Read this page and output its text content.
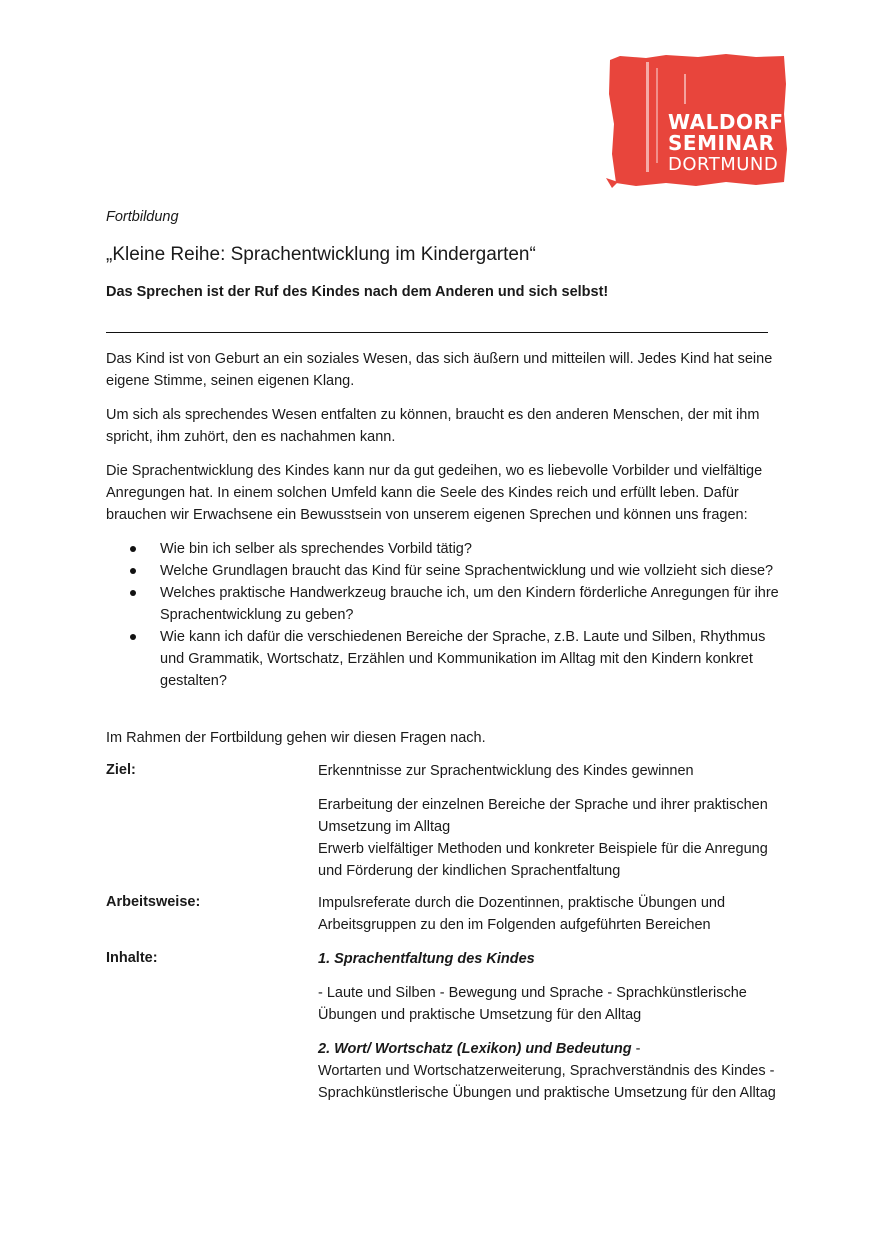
WALDORF
SEMINAR
DORTMUND
Fortbildung
„Kleine Reihe: Sprachentwicklung im Kindergarten“
Das Sprechen ist der Ruf des Kindes nach dem Anderen und sich selbst!
Das Kind ist von Geburt an ein soziales Wesen, das sich äußern und mitteilen will. Jedes Kind hat seine eigene Stimme, seinen eigenen Klang.
Um sich als sprechendes Wesen entfalten zu können, braucht es den anderen Menschen, der mit ihm spricht, ihm zuhört, den es nachahmen kann.
Die Sprachentwicklung des Kindes kann nur da gut gedeihen, wo es liebevolle Vorbilder und vielfältige Anregungen hat. In einem solchen Umfeld kann die Seele des Kindes reich und erfüllt leben. Dafür brauchen wir Erwachsene ein Bewusstsein von unserem eigenen Sprechen und können uns fragen:
Wie bin ich selber als sprechendes Vorbild tätig?
Welche Grundlagen braucht das Kind für seine Sprachentwicklung und wie vollzieht sich diese?
Welches praktische Handwerkzeug brauche ich, um den Kindern förderliche Anregungen für ihre Sprachentwicklung zu geben?
Wie kann ich dafür die verschiedenen Bereiche der Sprache, z.B. Laute und Silben, Rhythmus und Grammatik, Wortschatz, Erzählen und Kommunikation im Alltag mit den Kindern konkret gestalten?
Im Rahmen der Fortbildung gehen wir diesen Fragen nach.
Ziel:	Erkenntnisse zur Sprachentwicklung des Kindes gewinnen
Erarbeitung der einzelnen Bereiche der Sprache und ihrer praktischen Umsetzung im Alltag
Erwerb vielfältiger Methoden und konkreter Beispiele für die Anregung und Förderung der kindlichen Sprachentfaltung
Arbeitsweise:	Impulsreferate durch die Dozentinnen, praktische Übungen und Arbeitsgruppen zu den im Folgenden aufgeführten Bereichen
Inhalte:	1. Sprachentfaltung des Kindes
- Laute und Silben - Bewegung und Sprache - Sprachkünstlerische Übungen und praktische Umsetzung für den Alltag
2. Wort/ Wortschatz (Lexikon) und Bedeutung -
Wortarten und Wortschatzerweiterung, Sprachverständnis des Kindes - Sprachkünstlerische Übungen und praktische Umsetzung für den Alltag
